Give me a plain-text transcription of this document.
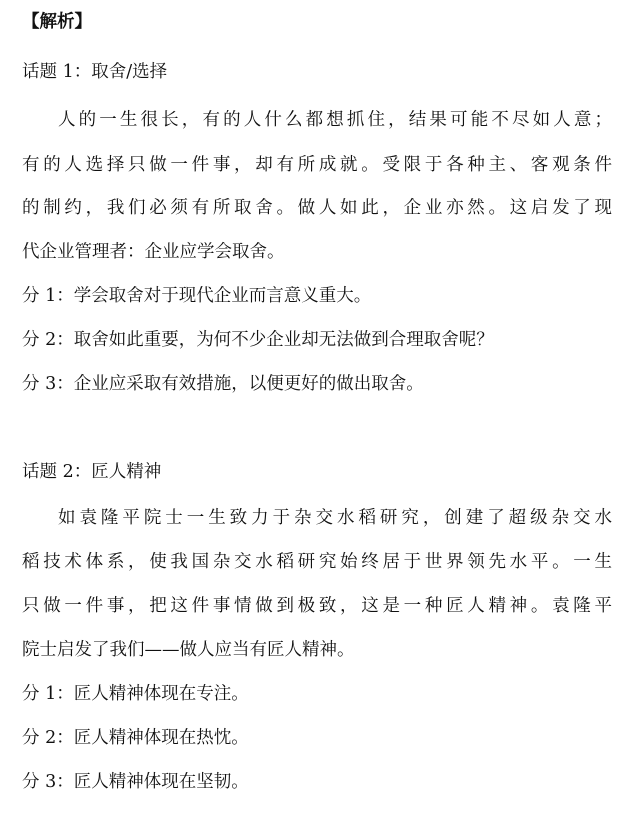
【解析】
话题 1：取舍/选择
人的一生很长，有的人什么都想抓住，结果可能不尽如人意；
有的人选择只做一件事，却有所成就。受限于各种主、客观条件
的制约，我们必须有所取舍。做人如此，企业亦然。这启发了现
代企业管理者：企业应学会取舍。
分 1：学会取舍对于现代企业而言意义重大。
分 2：取舍如此重要，为何不少企业却无法做到合理取舍呢？
分 3：企业应采取有效措施，以便更好的做出取舍。
话题 2：匠人精神
如袁隆平院士一生致力于杂交水稻研究，创建了超级杂交水
稻技术体系，使我国杂交水稻研究始终居于世界领先水平。一生
只做一件事，把这件事情做到极致，这是一种匠人精神。袁隆平
院士启发了我们——做人应当有匠人精神。
分 1：匠人精神体现在专注。
分 2：匠人精神体现在热忱。
分 3：匠人精神体现在坚韧。
